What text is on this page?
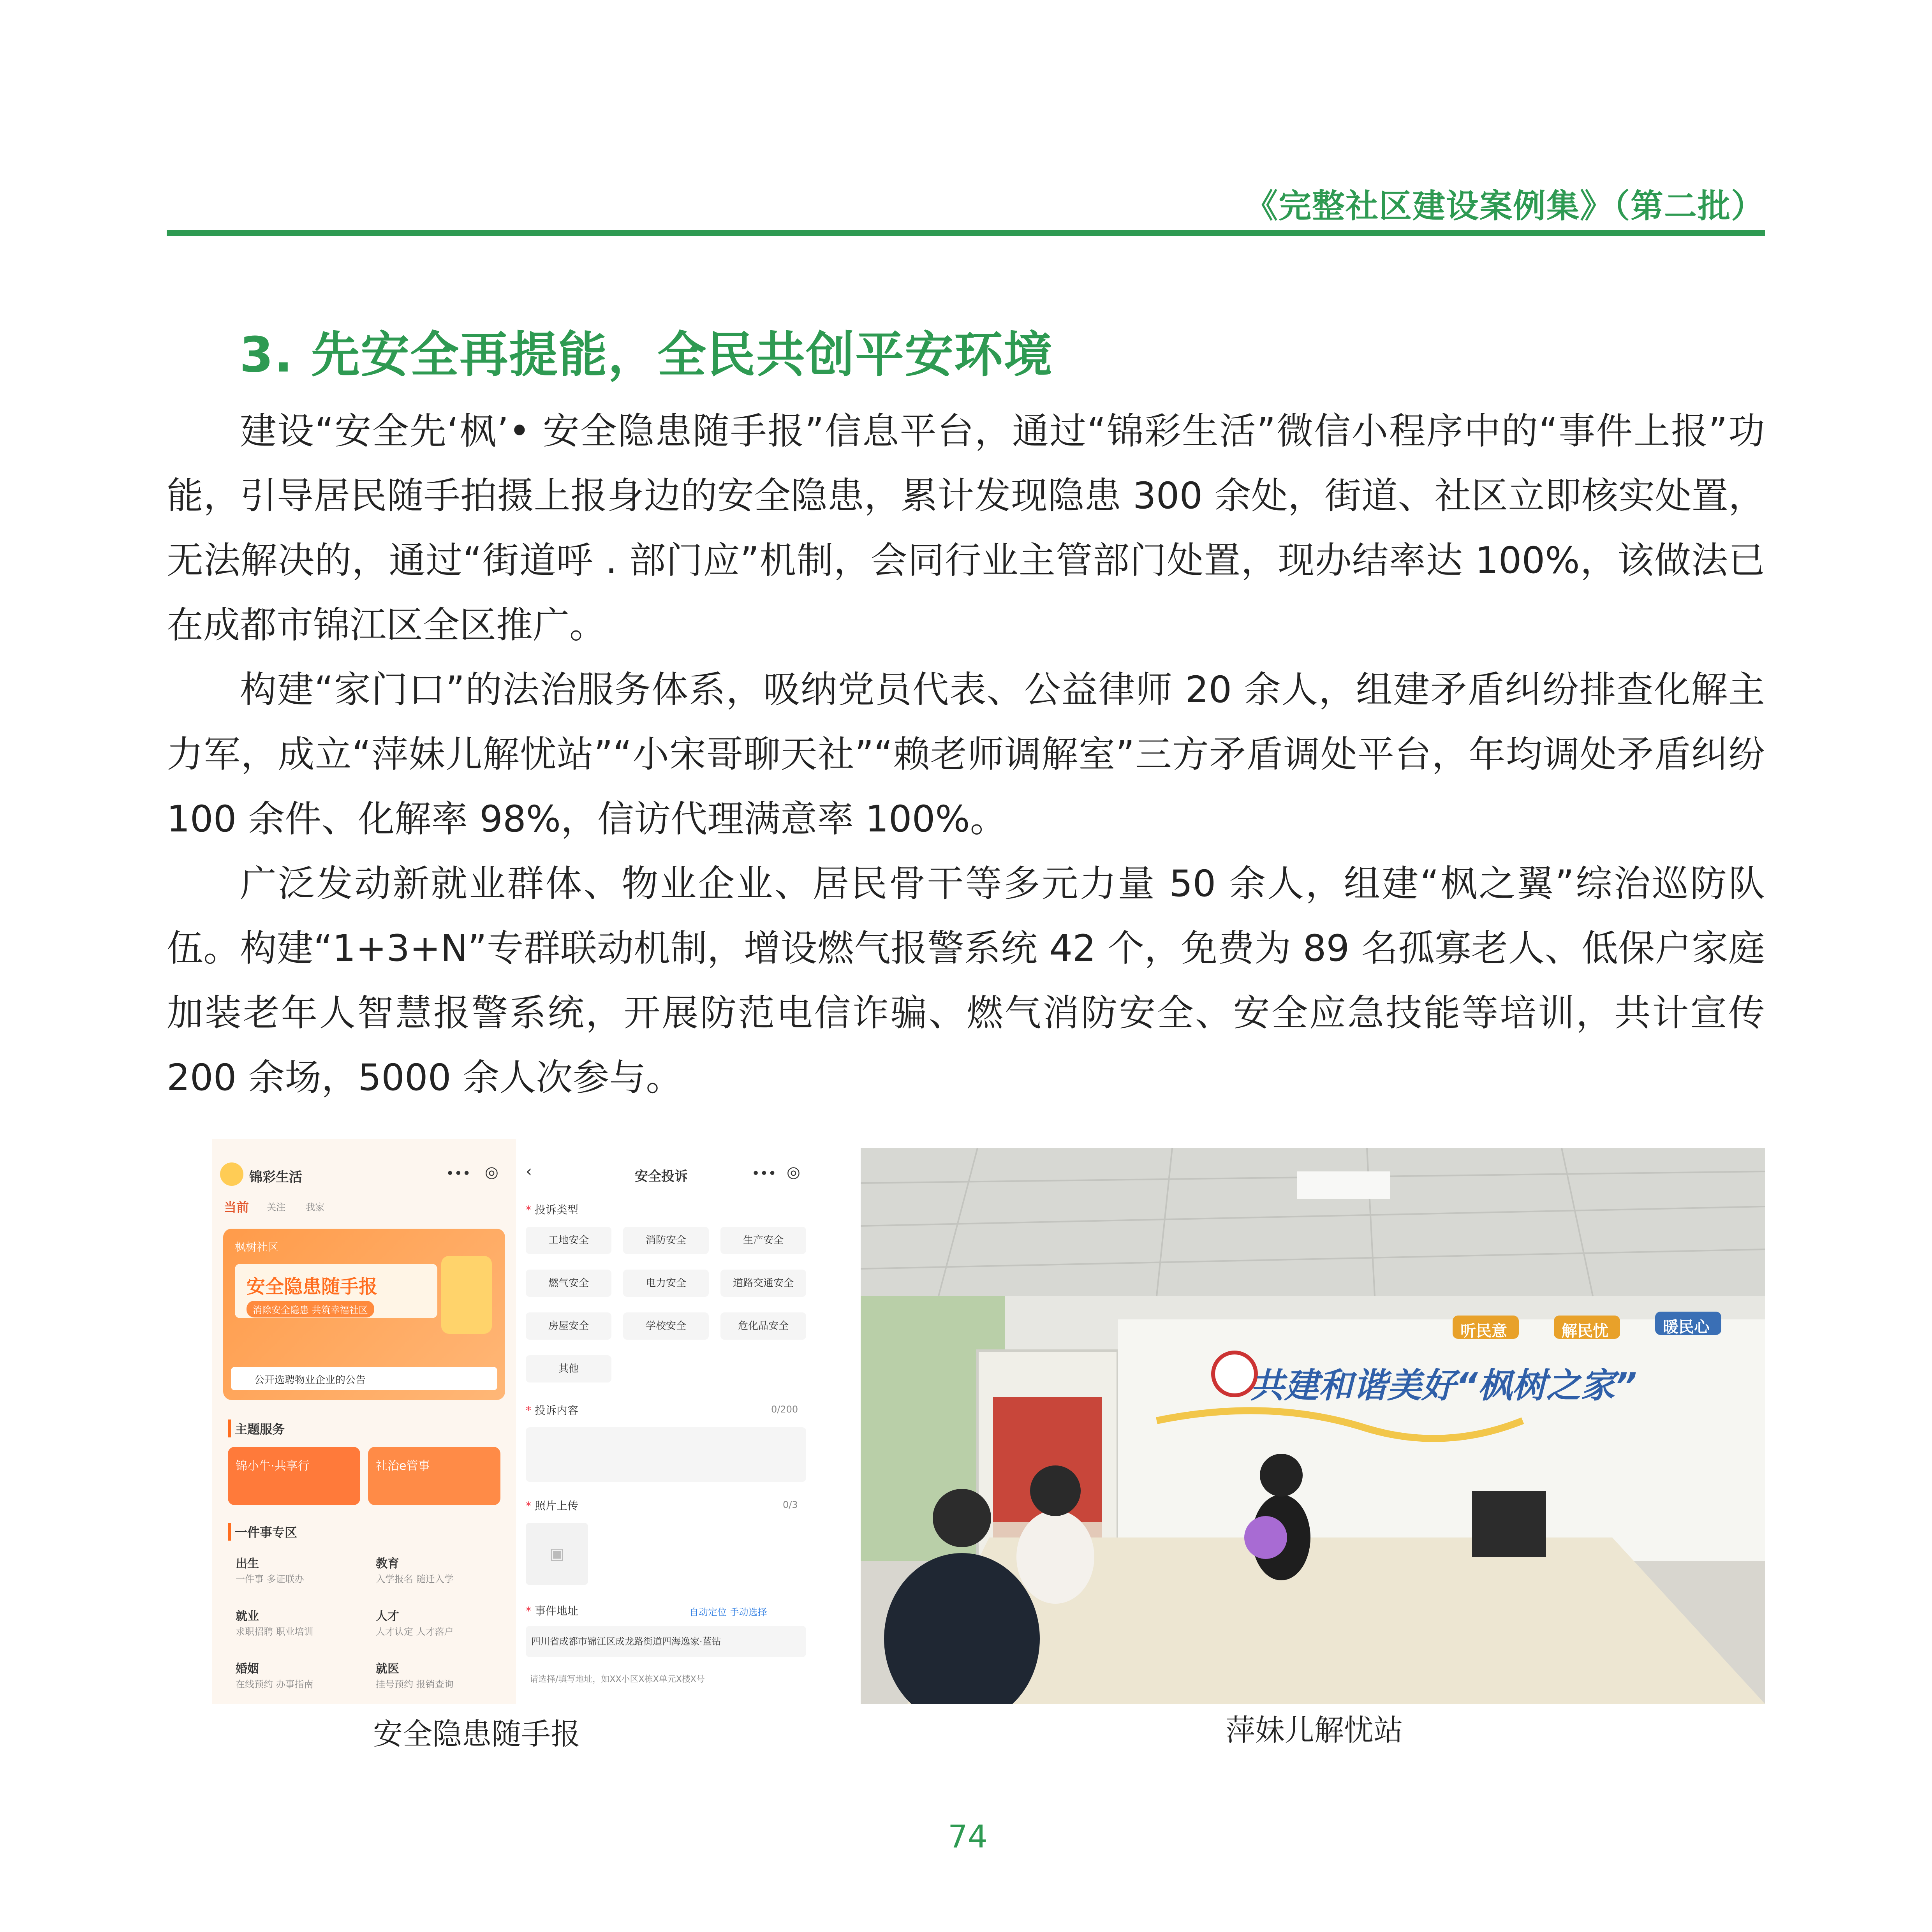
《完整社区建设案例集》（第二批）
3. 先安全再提能，全民共创平安环境

建设“安全先‘枫’• 安全隐患随手报”信息平台，通过“锦彩生活”微信小程序中的“事件上报”功能，引导居民随手拍摄上报身边的安全隐患，累计发现隐患 300 余处，街道、社区立即核实处置，无法解决的，通过“街道呼 . 部门应”机制，会同行业主管部门处置，现办结率达 100%，该做法已在成都市锦江区全区推广。

构建“家门口”的法治服务体系，吸纳党员代表、公益律师 20 余人，组建矛盾纠纷排查化解主力军，成立“萍妹儿解忧站”“小宋哥聊天社”“赖老师调解室”三方矛盾调处平台，年均调处矛盾纠纷 100 余件、化解率 98%，信访代理满意率 100%。

广泛发动新就业群体、物业企业、居民骨干等多元力量 50 余人，组建“枫之翼”综治巡防队伍。构建“1+3+N”专群联动机制，增设燃气报警系统 42 个，免费为 89 名孤寡老人、低保户家庭加装老年人智慧报警系统，开展防范电信诈骗、燃气消防安全、安全应急技能等培训，共计宣传 200 余场，5000 余人次参与。

锦彩生活	••• ◎
当前 关注 我家
枫树社区
安全隐患随手报
消除安全隐患 共筑幸福社区
公开选聘物业企业的公告
主题服务
锦小牛·共享行	社治e管事
一件事专区
出生
一件事 多证联办
教育
入学报名 随迁入学
就业
求职招聘 职业培训
人才
人才认定 人才落户
婚姻
在线预约 办事指南
就医
挂号预约 报销查询
‹	安全投诉	••• ◎
* 投诉类型
工地安全	消防安全	生产安全
燃气安全	电力安全	道路交通安全
房屋安全	学校安全	危化品安全
其他
* 投诉内容	0/200
* 照片上传	0/3
▣
* 事件地址	自动定位 手动选择
四川省成都市锦江区成龙路街道四海逸家·蓝钻
请选择/填写地址，如XX小区X栋X单元X楼X号
共建和谐美好“枫树之家”
听民意	解民忧	暖民心
安全隐患随手报	萍妹儿解忧站
74
